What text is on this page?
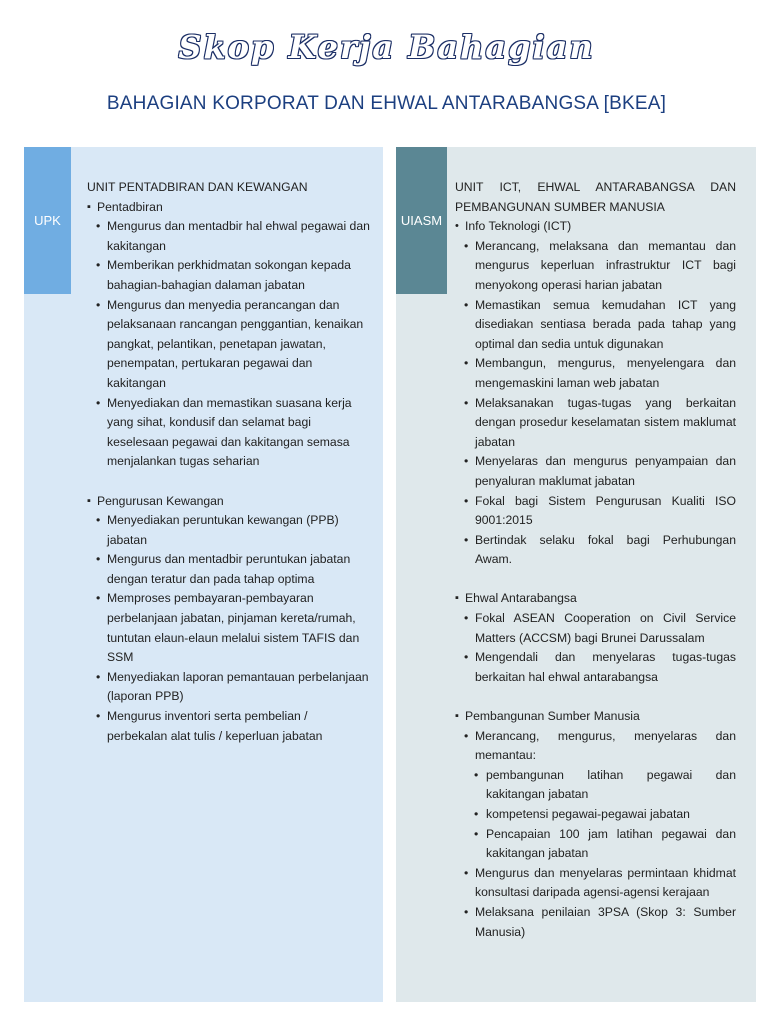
Skop Kerja Bahagian
BAHAGIAN KORPORAT DAN EHWAL ANTARABANGSA [BKEA]
UPK
UNIT PENTADBIRAN DAN KEWANGAN
▪ Pentadbiran
• Mengurus dan mentadbir hal ehwal pegawai dan kakitangan
• Memberikan perkhidmatan sokongan kepada bahagian-bahagian dalaman jabatan
• Mengurus dan menyedia perancangan dan pelaksanaan rancangan penggantian, kenaikan pangkat, pelantikan, penetapan jawatan, penempatan, pertukaran pegawai dan kakitangan
• Menyediakan dan memastikan suasana kerja yang sihat, kondusif dan selamat bagi keselesaan pegawai dan kakitangan semasa menjalankan tugas seharian
▪ Pengurusan Kewangan
• Menyediakan peruntukan kewangan (PPB) jabatan
• Mengurus dan mentadbir peruntukan jabatan dengan teratur dan pada tahap optima
• Memproses pembayaran-pembayaran perbelanjaan jabatan, pinjaman kereta/rumah, tuntutan elaun-elaun melalui sistem TAFIS dan SSM
• Menyediakan laporan pemantauan perbelanjaan (laporan PPB)
• Mengurus inventori serta pembelian / perbekalan alat tulis / keperluan jabatan
UIASM
UNIT ICT, EHWAL ANTARABANGSA DAN PEMBANGUNAN SUMBER MANUSIA
• Info Teknologi (ICT)
• Merancang, melaksana dan memantau dan mengurus keperluan infrastruktur ICT bagi menyokong operasi harian jabatan
• Memastikan semua kemudahan ICT yang disediakan sentiasa berada pada tahap yang optimal dan sedia untuk digunakan
• Membangun, mengurus, menyelengara dan mengemaskini laman web jabatan
• Melaksanakan tugas-tugas yang berkaitan dengan prosedur keselamatan sistem maklumat jabatan
• Menyelaras dan mengurus penyampaian dan penyaluran maklumat jabatan
• Fokal bagi Sistem Pengurusan Kualiti ISO 9001:2015
• Bertindak selaku fokal bagi Perhubungan Awam.
▪ Ehwal Antarabangsa
• Fokal ASEAN Cooperation on Civil Service Matters (ACCSM) bagi Brunei Darussalam
• Mengendali dan menyelaras tugas-tugas berkaitan hal ehwal antarabangsa
▪ Pembangunan Sumber Manusia
• Merancang, mengurus, menyelaras dan memantau:
• pembangunan latihan pegawai dan kakitangan jabatan
• kompetensi pegawai-pegawai jabatan
• Pencapaian 100 jam latihan pegawai dan kakitangan jabatan
• Mengurus dan menyelaras permintaan khidmat konsultasi daripada agensi-agensi kerajaan
• Melaksana penilaian 3PSA (Skop 3: Sumber Manusia)
